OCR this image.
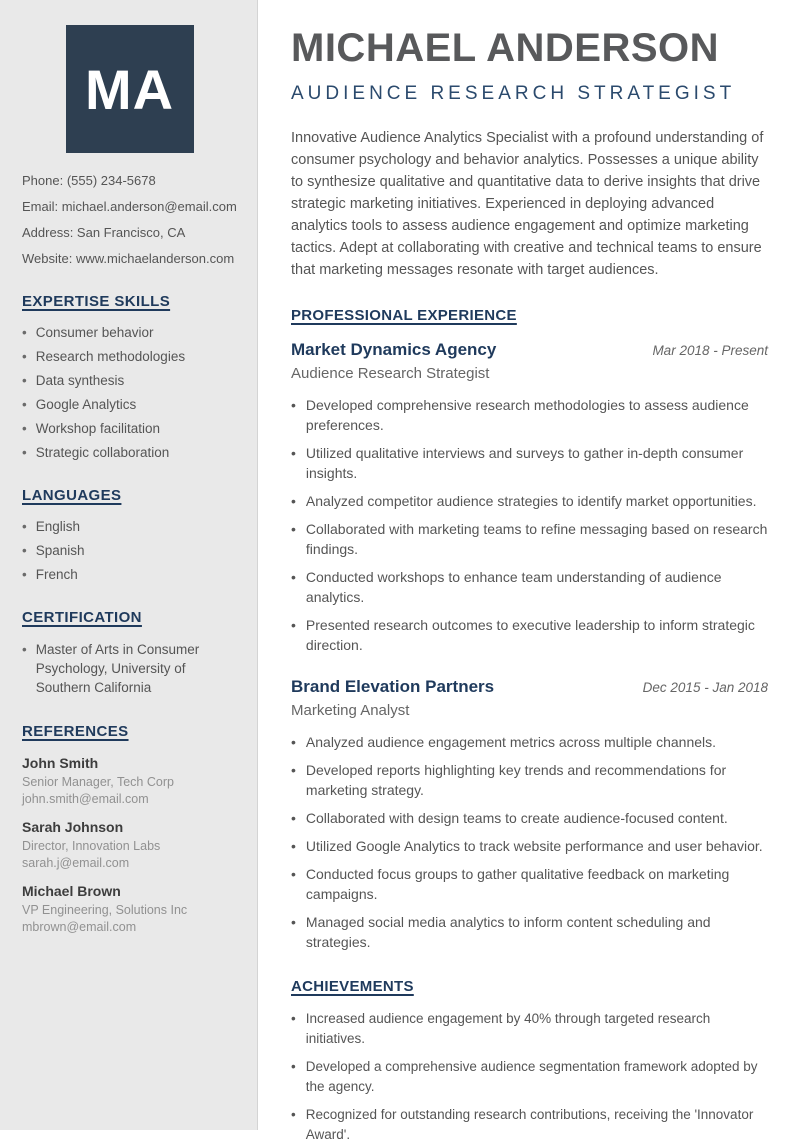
MA

Phone: (555) 234-5678

Email: michael.anderson@email.com

Address: San Francisco, CA

Website: www.michaelanderson.com

EXPERTISE SKILLS
• Consumer behavior
• Research methodologies
• Data synthesis
• Google Analytics
• Workshop facilitation
• Strategic collaboration
LANGUAGES
• English
• Spanish
• French
CERTIFICATION
• Master of Arts in Consumer Psychology, University of Southern California
REFERENCES
John Smith

Senior Manager, Tech Corp

john.smith@email.com

Sarah Johnson

Director, Innovation Labs

sarah.j@email.com

Michael Brown

VP Engineering, Solutions Inc

mbrown@email.com

MICHAEL ANDERSON
AUDIENCE RESEARCH STRATEGIST

Innovative Audience Analytics Specialist with a profound understanding of consumer psychology and behavior analytics. Possesses a unique ability to synthesize qualitative and quantitative data to derive insights that drive strategic marketing initiatives. Experienced in deploying advanced analytics tools to assess audience engagement and optimize marketing tactics. Adept at collaborating with creative and technical teams to ensure that marketing messages resonate with target audiences.

PROFESSIONAL EXPERIENCE
Market Dynamics Agency	Mar 2018 - Present

Audience Research Strategist

• Developed comprehensive research methodologies to assess audience preferences.
• Utilized qualitative interviews and surveys to gather in-depth consumer insights.
• Analyzed competitor audience strategies to identify market opportunities.
• Collaborated with marketing teams to refine messaging based on research findings.
• Conducted workshops to enhance team understanding of audience analytics.
• Presented research outcomes to executive leadership to inform strategic direction.
Brand Elevation Partners	Dec 2015 - Jan 2018

Marketing Analyst

• Analyzed audience engagement metrics across multiple channels.
• Developed reports highlighting key trends and recommendations for marketing strategy.
• Collaborated with design teams to create audience-focused content.
• Utilized Google Analytics to track website performance and user behavior.
• Conducted focus groups to gather qualitative feedback on marketing campaigns.
• Managed social media analytics to inform content scheduling and strategies.
ACHIEVEMENTS
• Increased audience engagement by 40% through targeted research initiatives.
• Developed a comprehensive audience segmentation framework adopted by the agency.
• Recognized for outstanding research contributions, receiving the 'Innovator Award'.
